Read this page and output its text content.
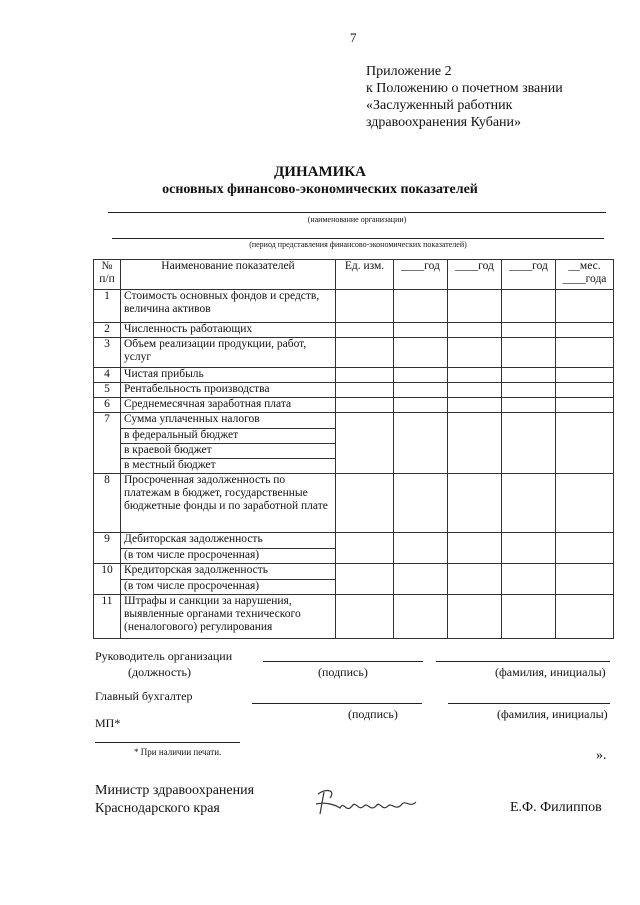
7
Приложение 2
к Положению о почетном звании
«Заслуженный работник
здравоохранения Кубани»
ДИНАМИКА
основных финансово-экономических показателей
(наименование организации)
(период представления финансово-экономических показателей)
№ п/п	Наименование показателей	Ед. изм.	____год	____год	____год	__мес.
____года

1	Стоимость основных фондов и средств, величина активов					
2	Численность работающих					
3	Объем реализации продукции, работ, услуг					
4	Чистая прибыль					
5	Рентабельность производства					
6	Среднемесячная заработная плата					
7	Сумма уплаченных налогов					
	в федеральный бюджет					
	в краевой бюджет					
	в местный бюджет					
8	Просроченная задолженность по платежам в бюджет, государственные бюджетные фонды и по заработной плате					
9	Дебиторская задолженность					
	(в том числе просроченная)					
10	Кредиторская задолженность					
	(в том числе просроченная)					
11	Штрафы и санкции за нарушения, выявленные органами технического (неналогового) регулирования					
Руководитель организации
(должность)	(подпись)	(фамилия, инициалы)
Главный бухгалтер
(подпись)	(фамилия, инициалы)
МП*
* При наличии печати.	».
Министр здравоохранения
Краснодарского края	Е.Ф. Филиппов
